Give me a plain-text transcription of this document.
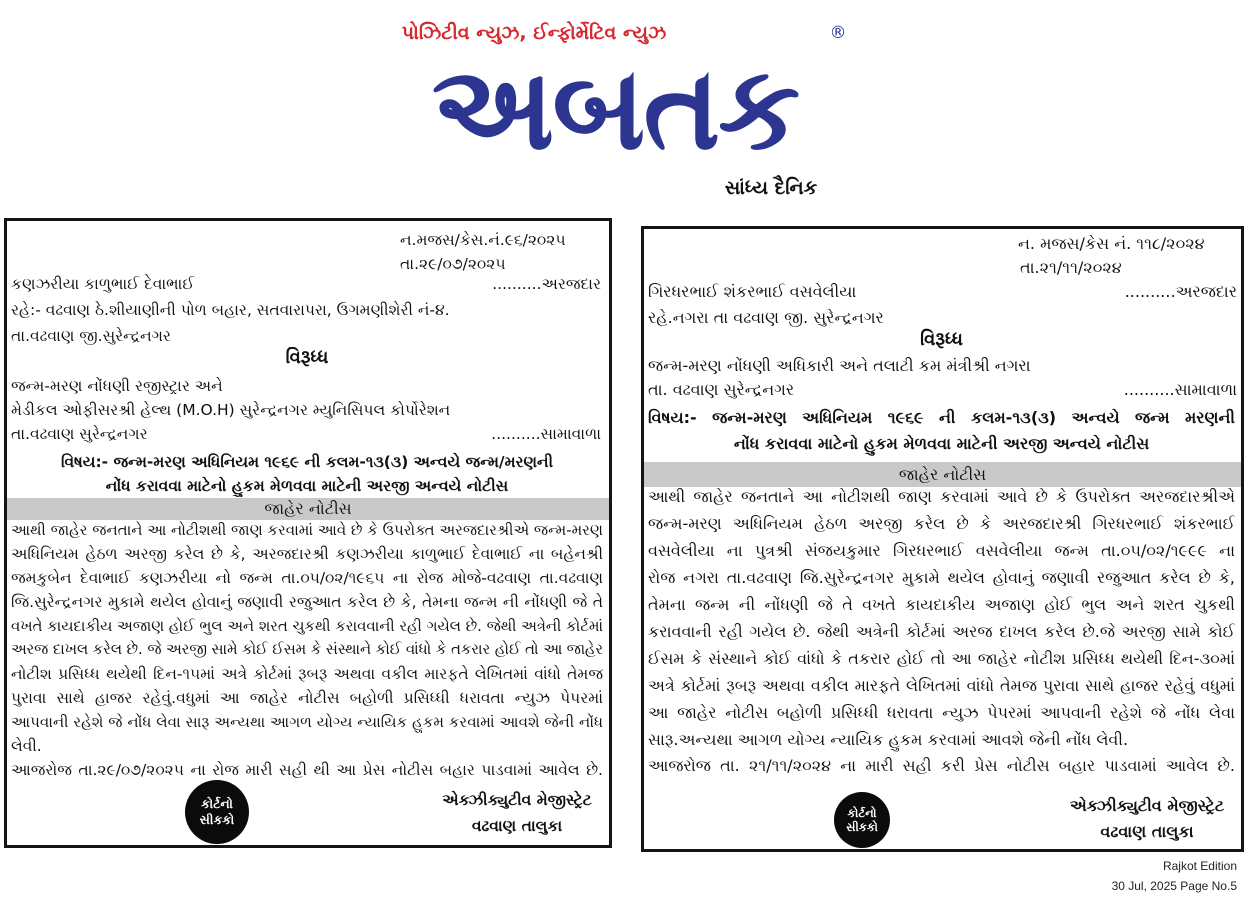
પોઝિટીવ ન્યુઝ, ઈન્ફોર્મેટિવ ન્યુઝ
અબતક
®
સાંધ્ય દૈનિક
ન.મજસ/કેસ.નં.૯૬/૨૦૨૫
તા.૨૯/૦૭/૨૦૨૫
કણઝરીયા કાળુભાઈ દેવાભાઈ	..........અરજદાર
રહે:- વઢવાણ ઠે.શીયાણીની પોળ બહાર, સતવારાપરા, ઉગમણીશેરી નં-૪.
તા.વઢવાણ જી.સુરેન્દ્રનગર
વિરૂધ્ધ
જન્મ-મરણ નોંધણી રજીસ્ટ્રાર અને
મેડીકલ ઓફીસરશ્રી હેલ્થ (M.O.H) સુરેન્દ્રનગર મ્યુનિસિપલ કોર્પોરેશન
તા.વઢવાણ સુરેન્દ્રનગર	..........સામાવાળા
વિષય:- જન્મ-મરણ અધિનિયમ ૧૯૬૯ ની કલમ-૧૩(૩) અન્વયે જન્મ/મરણની
નોંધ કરાવવા માટેનો હુકમ મેળવવા માટેની અરજી અન્વયે નોટીસ
જાહેર નોટીસ
આથી જાહેર જનતાને આ નોટીશથી જાણ કરવામાં આવે છે કે ઉપરોક્ત અરજદારશ્રીએ જન્મ-મરણ
અધિનિયમ હેઠળ અરજી કરેલ છે કે, અરજદારશ્રી કણઝરીયા કાળુભાઈ દેવાભાઈ ના બહેનશ્રી
જમકુબેન દેવાભાઈ કણઝરીયા નો જન્મ તા.૦૫/૦૨/૧૯૬૫ ના રોજ મોજે-વઢવાણ તા.વઢવાણ
જિ.સુરેન્દ્રનગર મુકામે થયેલ હોવાનું જણાવી રજુઆત કરેલ છે કે, તેમના જન્મ ની નોંધણી જે તે
વખતે કાયદાકીય અજાણ હોઈ ભુલ અને શરત ચુકથી કરાવવાની રહી ગયેલ છે. જેથી અત્રેની કોર્ટમાં
અરજ દાખલ કરેલ છે. જે અરજી સામે કોઈ ઈસમ કે સંસ્થાને કોઈ વાંધો કે તકરાર હોઈ તો આ જાહેર
નોટીશ પ્રસિધ્ધ થયેથી દિન-૧૫માં અત્રે કોર્ટમાં રૂબરૂ અથવા વકીલ મારફતે લેખિતમાં વાંધો તેમજ
પુરાવા સાથે હાજર રહેવું.વધુમાં આ જાહેર નોટીસ બહોળી પ્રસિધ્ધી ધરાવતા ન્યુઝ પેપરમાં
આપવાની રહેશે જે નોંધ લેવા સારૂ અન્યથા આગળ યોગ્ય ન્યાયિક હુકમ કરવામાં આવશે જેની નોંધ
લેવી.
આજરોજ તા.૨૯/૦૭/૨૦૨૫ ના રોજ મારી સહી થી આ પ્રેસ નોટીસ બહાર પાડવામાં આવેલ છે.
કોર્ટનો
સીકકો
એક્ઝીક્યુટીવ મેજીસ્ટ્રેટ
વઢવાણ તાલુકા
ન. મજસ/કેસ નં. ૧૧૮/૨૦૨૪
તા.૨૧/૧૧/૨૦૨૪
ગિરધરભાઈ શંકરભાઈ વસવેલીયા	..........અરજદાર
રહે.નગરા તા વઢવાણ જી. સુરેન્દ્રનગર
વિરૂધ્ધ
જન્મ-મરણ નોંધણી અધિકારી અને તલાટી કમ મંત્રીશ્રી નગરા
તા. વઢવાણ સુરેન્દ્રનગર	..........સામાવાળા
વિષય:- જન્મ-મરણ અધિનિયમ ૧૯૬૯ ની કલમ-૧૩(૩) અન્વયે જન્મ મરણની
નોંધ કરાવવા માટેનો હુકમ મેળવવા માટેની અરજી અન્વયે નોટીસ
જાહેર નોટીસ
આથી જાહેર જનતાને આ નોટીશથી જાણ કરવામાં આવે છે કે ઉપરોક્ત અરજદારશ્રીએ
જન્મ-મરણ અધિનિયમ હેઠળ અરજી કરેલ છે કે અરજદારશ્રી ગિરધરભાઈ શંકરભાઈ
વસવેલીયા ના પુત્રશ્રી સંજયકુમાર ગિરધરભાઈ વસવેલીયા જન્મ તા.૦૫/૦૨/૧૯૯૯ ના
રોજ નગરા તા.વઢવાણ જિ.સુરેન્દ્રનગર મુકામે થયેલ હોવાનું જણાવી રજુઆત કરેલ છે કે,
તેમના જન્મ ની નોંધણી જે તે વખતે કાયદાકીય અજાણ હોઈ ભુલ અને શરત ચુકથી
કરાવવાની રહી ગયેલ છે. જેથી અત્રેની કોર્ટમાં અરજ દાખલ કરેલ છે.જે અરજી સામે કોઈ
ઈસમ કે સંસ્થાને કોઈ વાંધો કે તકરાર હોઈ તો આ જાહેર નોટીશ પ્રસિધ્ધ થયેથી દિન-૩૦માં
અત્રે કોર્ટમાં રૂબરૂ અથવા વકીલ મારફતે લેખિતમાં વાંધો તેમજ પુરાવા સાથે હાજર રહેવું વધુમાં
આ જાહેર નોટીસ બહોળી પ્રસિધ્ધી ધરાવતા ન્યુઝ પેપરમાં આપવાની રહેશે જે નોંધ લેવા
સારૂ.અન્યથા આગળ યોગ્ય ન્યાયિક હુકમ કરવામાં આવશે જેની નોંધ લેવી.
આજરોજ તા. ૨૧/૧૧/૨૦૨૪ ના મારી સહી કરી પ્રેસ નોટીસ બહાર પાડવામાં આવેલ છે.
કોર્ટનો
સીકકો
એક્ઝીક્યુટીવ મેજીસ્ટ્રેટ
વઢવાણ તાલુકા
Rajkot Edition
30 Jul, 2025 Page No.5
